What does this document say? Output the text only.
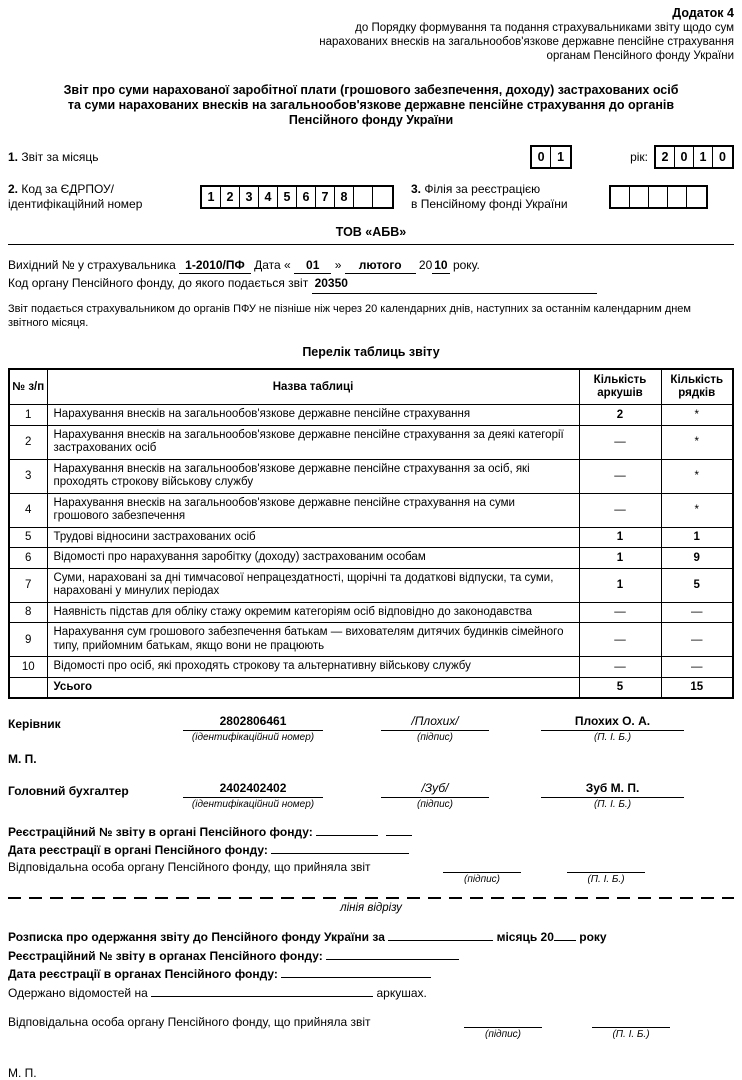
Додаток 4
до Порядку формування та подання страхувальниками звіту щодо сум нарахованих внесків на загальнообов'язкове державне пенсійне страхування органам Пенсійного фонду України
Звіт про суми нарахованої заробітної плати (грошового забезпечення, доходу) застрахованих осіб та суми нарахованих внесків на загальнообов'язкове державне пенсійне страхування до органів Пенсійного фонду України
1. Звіт за місяць	0	1	рік:	2 0 1	0
2. Код за ЄДРПОУ/
ідентифікаційний номер	1 2 3 4 5 6 7 8
3. Філія за реєстрацією
в Пенсійному фонді України
ТОВ «АБВ»
Вихідний № у страхувальника 1-2010/ПФ Дата « 01 » лютого 20 10 року.
Код органу Пенсійного фонду, до якого подається звіт 20350
Звіт подається страхувальником до органів ПФУ не пізніше ніж через 20 календарних днів, наступних за останнім календарним днем звітного місяця.
Перелік таблиць звіту
№ з/п	Назва таблиці	Кількість аркушів	Кількість рядків
1	Нарахування внесків на загальнообов'язкове державне пенсійне страхування	2	*
2	Нарахування внесків на загальнообов'язкове державне пенсійне страхування за деякі категорії застрахованих осіб	—	*
3	Нарахування внесків на загальнообов'язкове державне пенсійне страхування за осіб, які проходять строкову військову службу	—	*
4	Нарахування внесків на загальнообов'язкове державне пенсійне страхування на суми грошового забезпечення	—	*
5	Трудові відносини застрахованих осіб	1	1
6	Відомості про нарахування заробітку (доходу) застрахованим особам	1	9
7	Суми, нараховані за дні тимчасової непрацездатності, щорічні та додаткові відпуски, та суми, нараховані у минулих періодах	1	5
8	Наявність підстав для обліку стажу окремим категоріям осіб відповідно до законодавства	—	—
9	Нарахування сум грошового забезпечення батькам — вихователям дитячих будинків сімейного типу, прийомним батькам, якщо вони не працюють	—	—
10	Відомості про осіб, які проходять строкову та альтернативну військову службу	—	—
	Усього	5	15
Керівник	2802806461
(ідентифікаційний номер)
/Плохих/
(підпис)
Плохих О. А.
(П. І. Б.)
М. П.
Головний бухгалтер	2402402402
(ідентифікаційний номер)
/Зуб/
(підпис)
Зуб М. П.
(П. І. Б.)
Реєстраційний № звіту в органі Пенсійного фонду:
Дата реєстрації в органі Пенсійного фонду:
Відповідальна особа органу Пенсійного фонду, що прийняла звіт
(підпис)	(П. І. Б.)
лінія відрізу
Розписка про одержання звіту до Пенсійного фонду України за	місяць 20 року
Реєстраційний № звіту в органах Пенсійного фонду:
Дата реєстрації в органах Пенсійного фонду:
Одержано відомостей на	аркушах.
Відповідальна особа органу Пенсійного фонду, що прийняла звіт
(підпис)	(П. І. Б.)
М. П.
